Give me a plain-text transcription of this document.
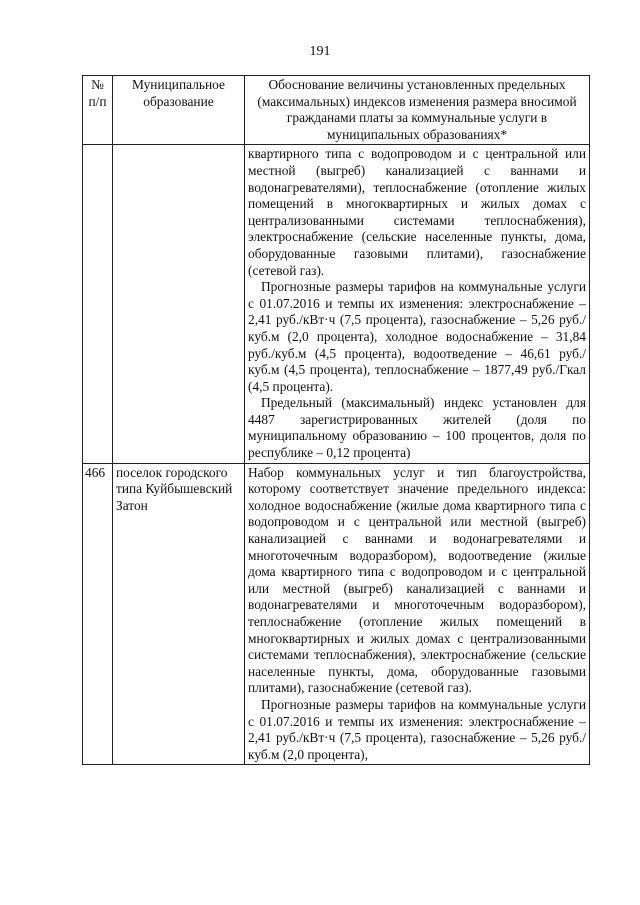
191
№ п/п	Муниципальное образование	Обоснование величины установленных предельных (максимальных) индексов изменения размера вносимой гражданами платы за коммунальные услуги в муниципальных образованиях*

		квартирного типа с водопроводом и с центральной или местной (выгреб) канализацией с ваннами и водонагревателями), теплоснабжение (отопление жилых помещений в многоквартирных и жилых домах с централизованными системами теплоснабжения), электроснабжение (сельские населенные пункты, дома, оборудованные газовыми плитами), газоснабжение (сетевой газ).

Прогнозные размеры тарифов на коммунальные услуги с 01.07.2016 и темпы их изменения: электроснабжение – 2,41 руб./кВт·ч (7,5 процента), газоснабжение – 5,26 руб./куб.м (2,0 процента), холодное водоснабжение – 31,84 руб./куб.м (4,5 процента), водоотведение – 46,61 руб./куб.м (4,5 процента), теплоснабжение – 1877,49 руб./Гкал (4,5 процента).

Предельный (максимальный) индекс установлен для 4487 зарегистрированных жителей (доля по муниципальному образованию – 100 процентов, доля по республике – 0,12 процента)

466	поселок городского типа Куйбышевский Затон	Набор коммунальных услуг и тип благоустройства, которому соответствует значение предельного индекса: холодное водоснабжение (жилые дома квартирного типа с водопроводом и с центральной или местной (выгреб) канализацией с ваннами и водонагревателями и многоточечным водоразбором), водоотведение (жилые дома квартирного типа с водопроводом и с центральной или местной (выгреб) канализацией с ваннами и водонагревателями и многоточечным водоразбором), теплоснабжение (отопление жилых помещений в многоквартирных и жилых домах с централизованными системами теплоснабжения), электроснабжение (сельские населенные пункты, дома, оборудованные газовыми плитами), газоснабжение (сетевой газ).

Прогнозные размеры тарифов на коммунальные услуги с 01.07.2016 и темпы их изменения: электроснабжение – 2,41 руб./кВт·ч (7,5 процента), газоснабжение – 5,26 руб./куб.м (2,0 процента),
